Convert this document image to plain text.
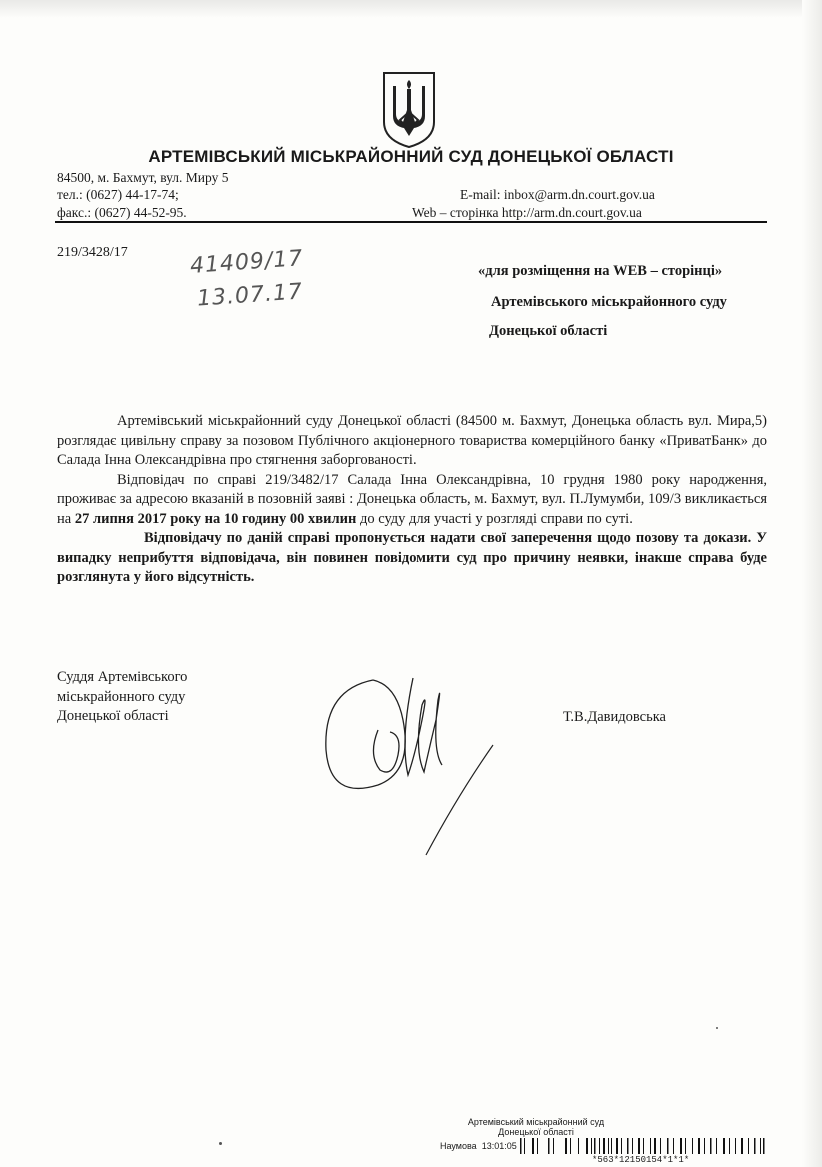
АРТЕМІВСЬКИЙ МІСЬКРАЙОННИЙ СУД ДОНЕЦЬКОЇ ОБЛАСТІ
84500, м. Бахмут, вул. Миру 5
тел.: (0627) 44-17-74;
факс.: (0627) 44-52-95.
E-mail: inbox@arm.dn.court.gov.ua
Web – сторінка http://arm.dn.court.gov.ua
219/3428/17	41409/17
13.07.17
«для розміщення на WEB – сторінці»
Артемівського міськрайонного суду
Донецької області

Артемівський міськрайонний суду Донецької області (84500 м. Бахмут, Донецька область вул. Мира,5) розглядає цивільну справу за позовом Публічного акціонерного товариства комерційного банку «ПриватБанк» до Салада Інна Олександрівна про стягнення заборгованості.

Відповідач по справі 219/3482/17 Салада Інна Олександрівна, 10 грудня 1980 року народження, проживає за адресою вказаній в позовній заяві : Донецька область, м. Бахмут, вул. П.Лумумби, 109/3 викликається на 27 липня 2017 року на 10 годину 00 хвилин до суду для участі у розгляді справи по суті.

Відповідачу по даній справі пропонується надати свої заперечення щодо позову та докази. У випадку неприбуття відповідача, він повинен повідомити суд про причину неявки, інакше справа буде розглянута у його відсутність.

Суддя Артемівського
міськрайонного суду
Донецької області	Т.В.Давидовська
Артемівський міськрайонний суд
Донецької області
Наумова 13:01:05
*563*12150154*1*1*
